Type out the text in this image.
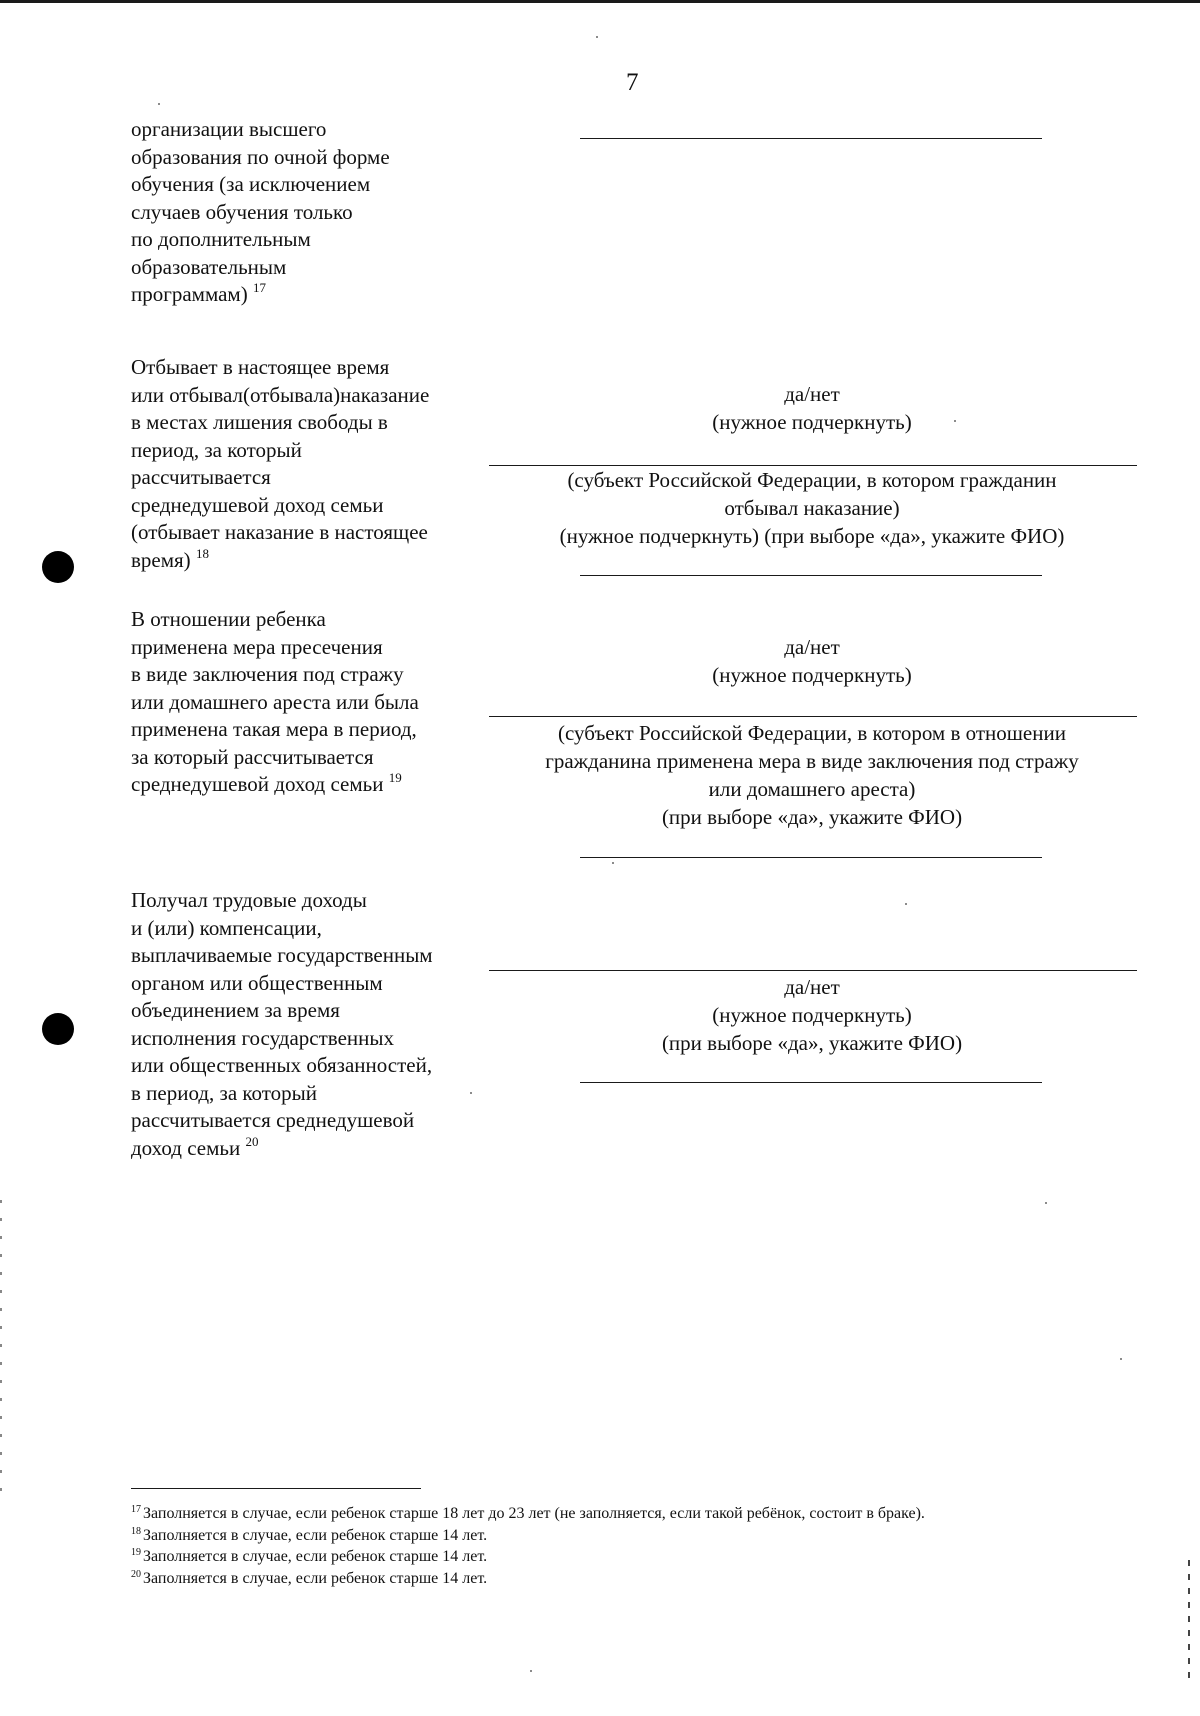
7
организации высшего
образования по очной форме
обучения (за исключением
случаев обучения только
по дополнительным
образовательным
программам) $^{17}$
Отбывает в настоящее время
или отбывал(отбывала)наказание
в местах лишения свободы в
период, за который
рассчитывается
среднедушевой доход семьи
(отбывает наказание в настоящее
время) $^{18}$
да/нет
(нужное подчеркнуть)
(субъект Российской Федерации, в котором гражданин
отбывал наказание)
(нужное подчеркнуть) (при выборе «да», укажите ФИО)
В отношении ребенка
применена мера пресечения
в виде заключения под стражу
или домашнего ареста или была
применена такая мера в период,
за который рассчитывается
среднедушевой доход семьи $^{19}$
да/нет
(нужное подчеркнуть)
(субъект Российской Федерации, в котором в отношении
гражданина применена мера в виде заключения под стражу
или домашнего ареста)
(при выборе «да», укажите ФИО)
Получал трудовые доходы
и (или) компенсации,
выплачиваемые государственным
органом или общественным
объединением за время
исполнения государственных
или общественных обязанностей,
в период, за который
рассчитывается среднедушевой
доход семьи $^{20}$
да/нет
(нужное подчеркнуть)
(при выборе «да», укажите ФИО)
$^{17}$ Заполняется в случае, если ребенок старше 18 лет до 23 лет (не заполняется, если такой ребёнок, состоит в браке).
$^{18}$ Заполняется в случае, если ребенок старше 14 лет.
$^{19}$ Заполняется в случае, если ребенок старше 14 лет.
$^{20}$ Заполняется в случае, если ребенок старше 14 лет.
